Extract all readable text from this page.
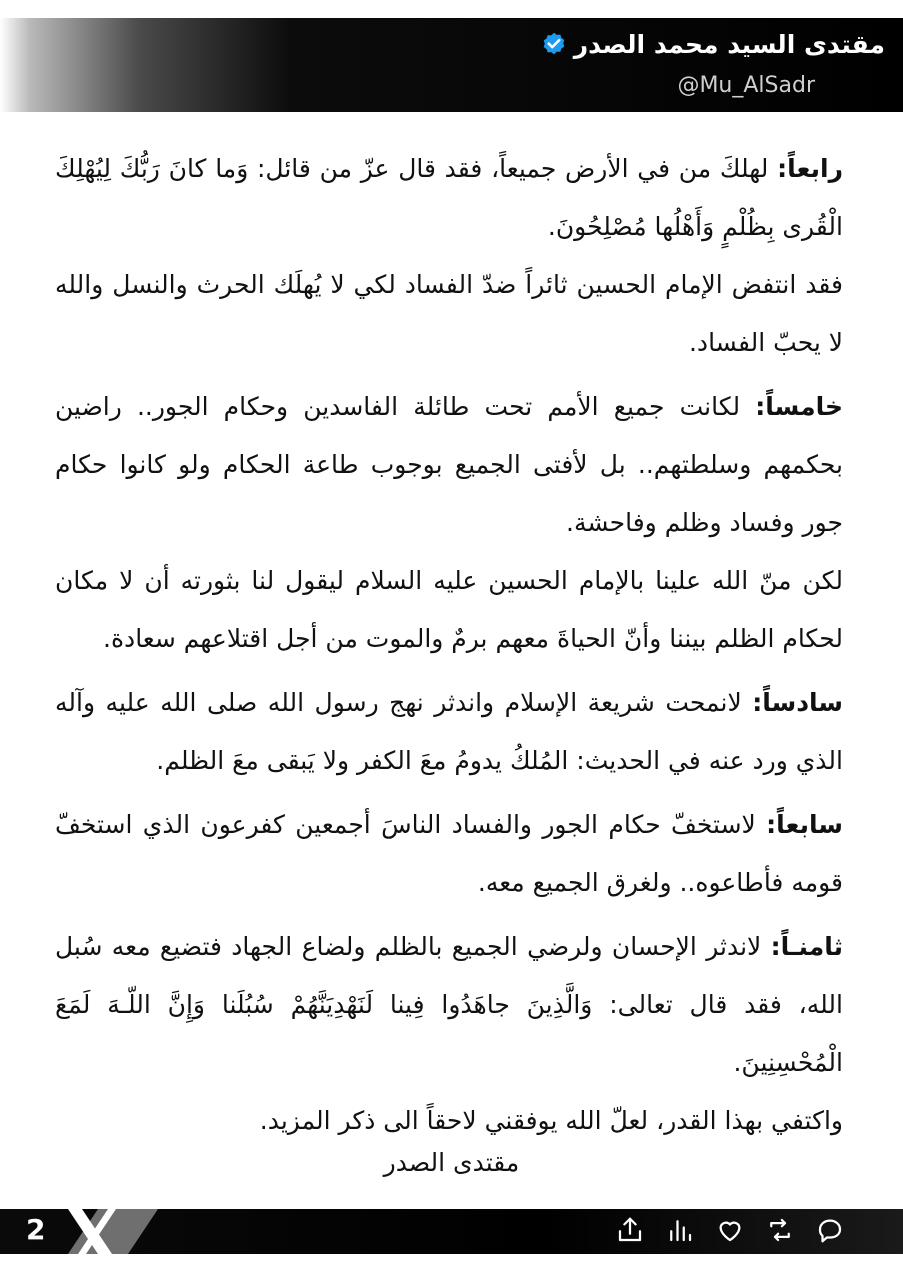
مقتدى السيد محمد الصدر
@Mu_AlSadr

رابعاً: لهلكَ من في الأرض جميعاً، فقد قال عزّ من قائل: وَما كانَ رَبُّكَ لِيُهْلِكَ الْقُرى بِظُلْمٍ وَأَهْلُها مُصْلِحُونَ.

فقد انتفض الإمام الحسين ثائراً ضدّ الفساد لكي لا يُهلَك الحرث والنسل والله لا يحبّ الفساد.

خامساً: لكانت جميع الأمم تحت طائلة الفاسدين وحكام الجور.. راضين بحكمهم وسلطتهم.. بل لأفتى الجميع بوجوب طاعة الحكام ولو كانوا حكام جور وفساد وظلم وفاحشة.

لكن منّ الله علينا بالإمام الحسين عليه السلام ليقول لنا بثورته أن لا مكان لحكام الظلم بيننا وأنّ الحياةَ معهم برمٌ والموت من أجل اقتلاعهم سعادة.

سادساً: لانمحت شريعة الإسلام واندثر نهج رسول الله صلى الله عليه وآله الذي ورد عنه في الحديث: المُلكُ يدومُ معَ الكفر ولا يَبقى معَ الظلم.

سابعاً: لاستخفّ حكام الجور والفساد الناسَ أجمعين كفرعون الذي استخفّ قومه فأطاعوه.. ولغرق الجميع معه.

ثامنـاً: لاندثر الإحسان ولرضي الجميع بالظلم ولضاع الجهاد فتضيع معه سُبل الله، فقد قال تعالى: وَالَّذِينَ جاهَدُوا فِينا لَنَهْدِيَنَّهُمْ سُبُلَنا وَإِنَّ اللّـهَ لَمَعَ الْمُحْسِنِينَ.

واكتفي بهذا القدر، لعلّ الله يوفقني لاحقاً الى ذكر المزيد.

مقتدى الصدر
2
